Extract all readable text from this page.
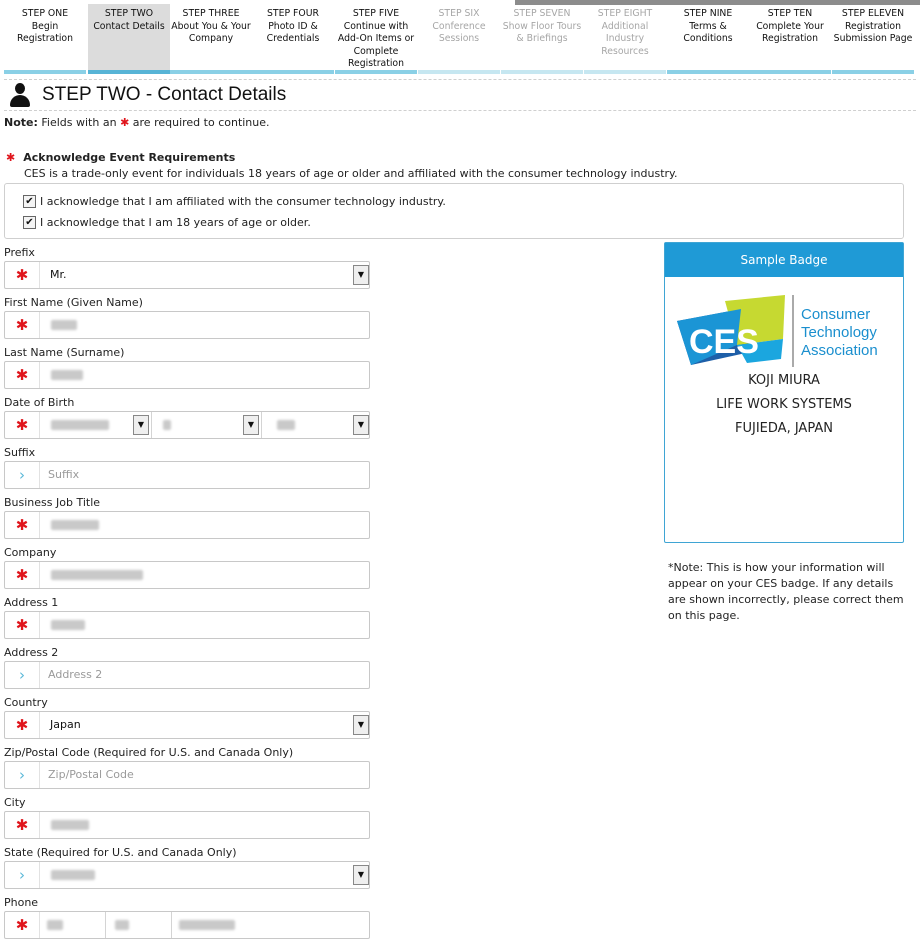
STEP ONE
Begin Registration
STEP TWO
Contact Details
STEP THREE
About You & Your Company
STEP FOUR
Photo ID & Credentials
STEP FIVE
Continue with Add-On Items or Complete Registration
STEP SIX
Conference Sessions
STEP SEVEN
Show Floor Tours & Briefings
STEP EIGHT
Additional Industry Resources
STEP NINE
Terms & Conditions
STEP TEN
Complete Your Registration
STEP ELEVEN
Registration Submission Page
STEP TWO - Contact Details
Note: Fields with an ✱ are required to continue.
✱ Acknowledge Event Requirements
CES is a trade-only event for individuals 18 years of age or older and affiliated with the consumer technology industry.
✔ I acknowledge that I am affiliated with the consumer technology industry.
✔ I acknowledge that I am 18 years of age or older.
Prefix
✱	Mr.	▼
First Name (Given Name)
✱
Last Name (Surname)
✱
Date of Birth
✱	▼	▼	▼
Suffix
›	Suffix
Business Job Title
✱
Company
✱
Address 1
✱
Address 2
›	Address 2
Country
✱	Japan	▼
Zip/Postal Code (Required for U.S. and Canada Only)
›	Zip/Postal Code
City
✱
State (Required for U.S. and Canada Only)
›	▼
Phone
✱
Sample Badge
CES
Consumer
Technology
Association
KOJI MIURA
LIFE WORK SYSTEMS
FUJIEDA, JAPAN
*Note: This is how your information will appear on your CES badge. If any details are shown incorrectly, please correct them on this page.
